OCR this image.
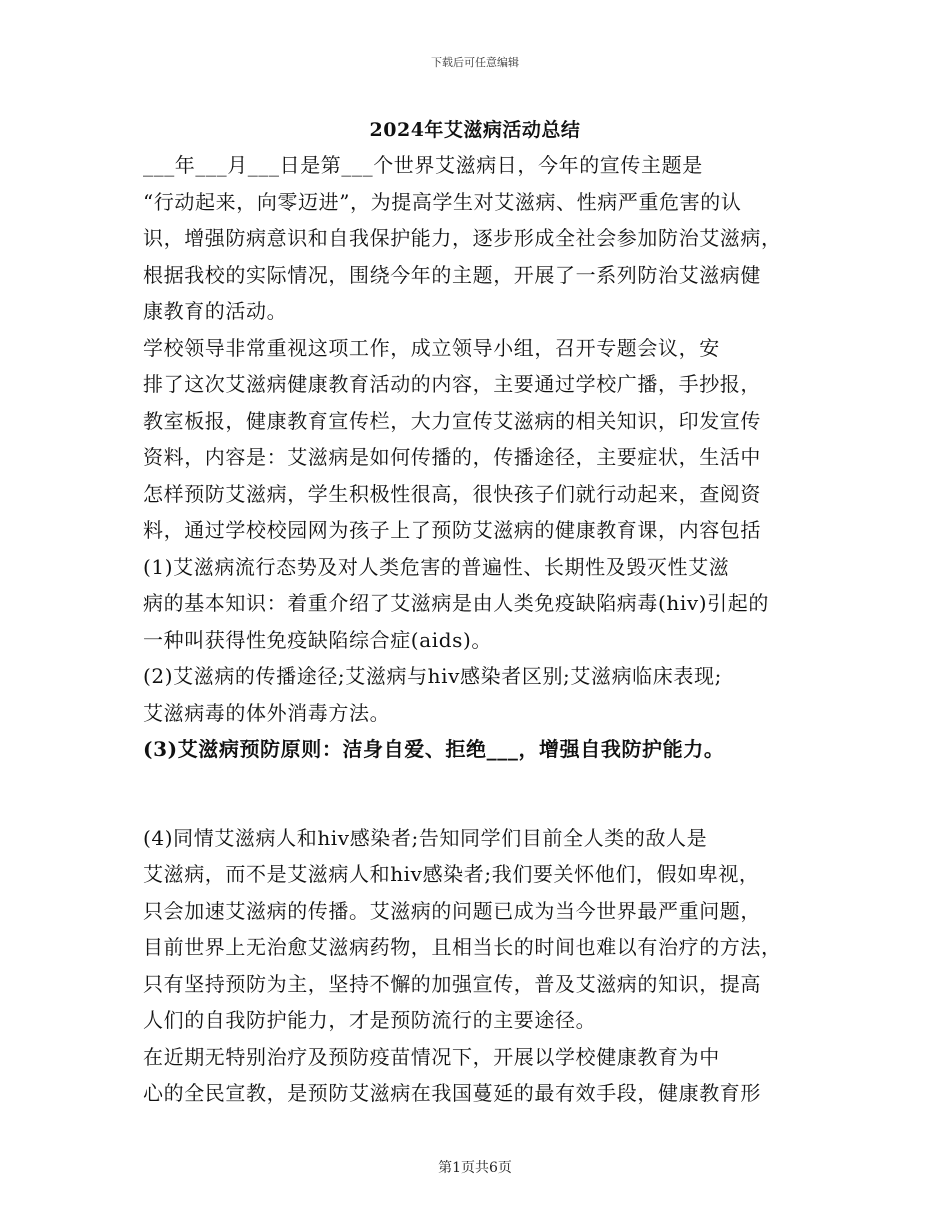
下载后可任意编辑
2024年艾滋病活动总结
___年___月___日是第___个世界艾滋病日，今年的宣传主题是
“行动起来，向零迈进”，为提高学生对艾滋病、性病严重危害的认
识，增强防病意识和自我保护能力，逐步形成全社会参加防治艾滋病，
根据我校的实际情况，围绕今年的主题，开展了一系列防治艾滋病健
康教育的活动。
学校领导非常重视这项工作，成立领导小组，召开专题会议，安
排了这次艾滋病健康教育活动的内容，主要通过学校广播，手抄报，
教室板报，健康教育宣传栏，大力宣传艾滋病的相关知识，印发宣传
资料，内容是：艾滋病是如何传播的，传播途径，主要症状，生活中
怎样预防艾滋病，学生积极性很高，很快孩子们就行动起来，查阅资
料，通过学校校园网为孩子上了预防艾滋病的健康教育课，内容包括
(1)艾滋病流行态势及对人类危害的普遍性、长期性及毁灭性艾滋
病的基本知识：着重介绍了艾滋病是由人类免疫缺陷病毒(hiv)引起的
一种叫获得性免疫缺陷综合症(aids)。
(2)艾滋病的传播途径;艾滋病与hiv感染者区别;艾滋病临床表现;
艾滋病毒的体外消毒方法。
(3)艾滋病预防原则：洁身自爱、拒绝___，增强自我防护能力。
(4)同情艾滋病人和hiv感染者;告知同学们目前全人类的敌人是
艾滋病，而不是艾滋病人和hiv感染者;我们要关怀他们，假如卑视，
只会加速艾滋病的传播。艾滋病的问题已成为当今世界最严重问题，
目前世界上无治愈艾滋病药物，且相当长的时间也难以有治疗的方法，
只有坚持预防为主，坚持不懈的加强宣传，普及艾滋病的知识，提高
人们的自我防护能力，才是预防流行的主要途径。
在近期无特别治疗及预防疫苗情况下，开展以学校健康教育为中
心的全民宣教，是预防艾滋病在我国蔓延的最有效手段，健康教育形
第1页共6页
